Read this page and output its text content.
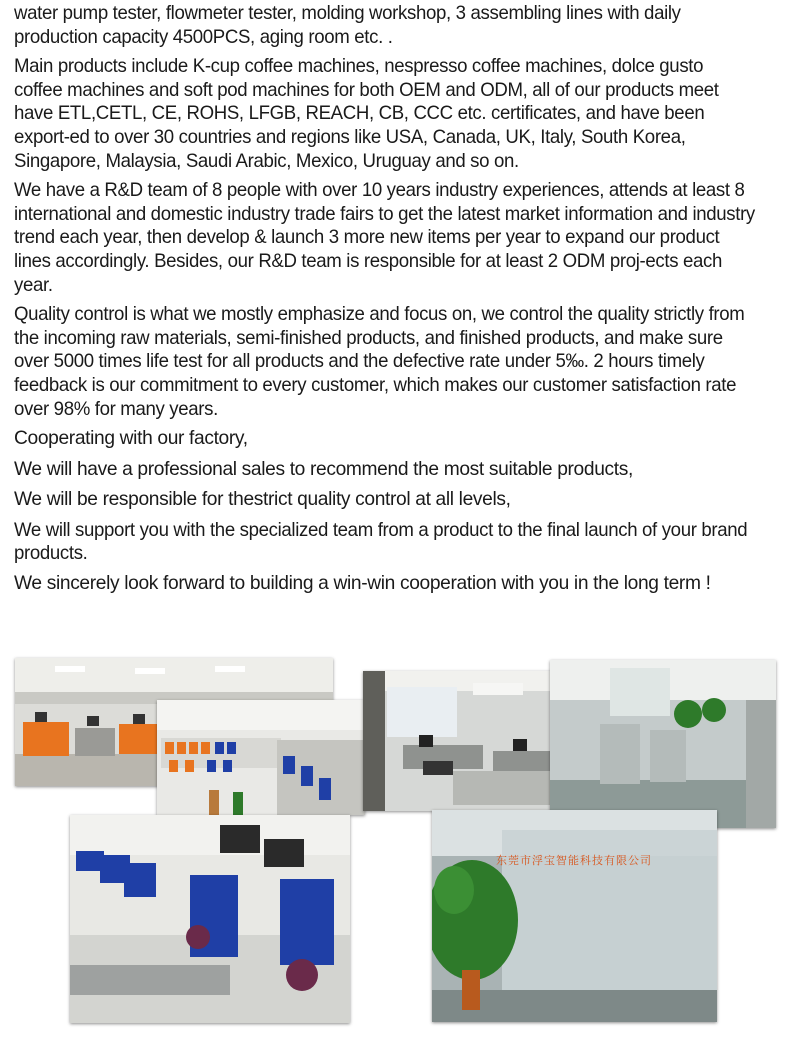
water pump tester, flowmeter tester, molding workshop, 3 assembling lines with daily production capacity 4500PCS, aging room etc. .

Main products include K-cup coffee machines, nespresso coffee machines, dolce gusto coffee machines and soft pod machines for both OEM and ODM, all of our products meet have ETL,CETL, CE, ROHS, LFGB, REACH, CB, CCC etc. certificates, and have been export-ed to over 30 countries and regions like USA, Canada, UK, Italy, South Korea, Singapore, Malaysia, Saudi Arabic, Mexico, Uruguay and so on.

We have a R&D team of 8 people with over 10 years industry experiences, attends at least 8 international and domestic industry trade fairs to get the latest market information and industry trend each year, then develop & launch 3 more new items per year to expand our product lines accordingly. Besides, our R&D team is responsible for at least 2 ODM proj-ects each year.

Quality control is what we mostly emphasize and focus on, we control the quality strictly from the incoming raw materials, semi-finished products, and finished products, and make sure over 5000 times life test for all products and the defective rate under 5‰. 2 hours timely feedback is our commitment to every customer, which makes our customer satisfaction rate over 98% for many years.

Cooperating with our factory,

We will have a professional sales to recommend the most suitable products,

We will be responsible for thestrict quality control at all levels,

We will support you with the specialized team from a product to the final launch of your brand products.

We sincerely look forward to building a win-win cooperation with you in the long term !

东莞市浮宝智能科技有限公司
